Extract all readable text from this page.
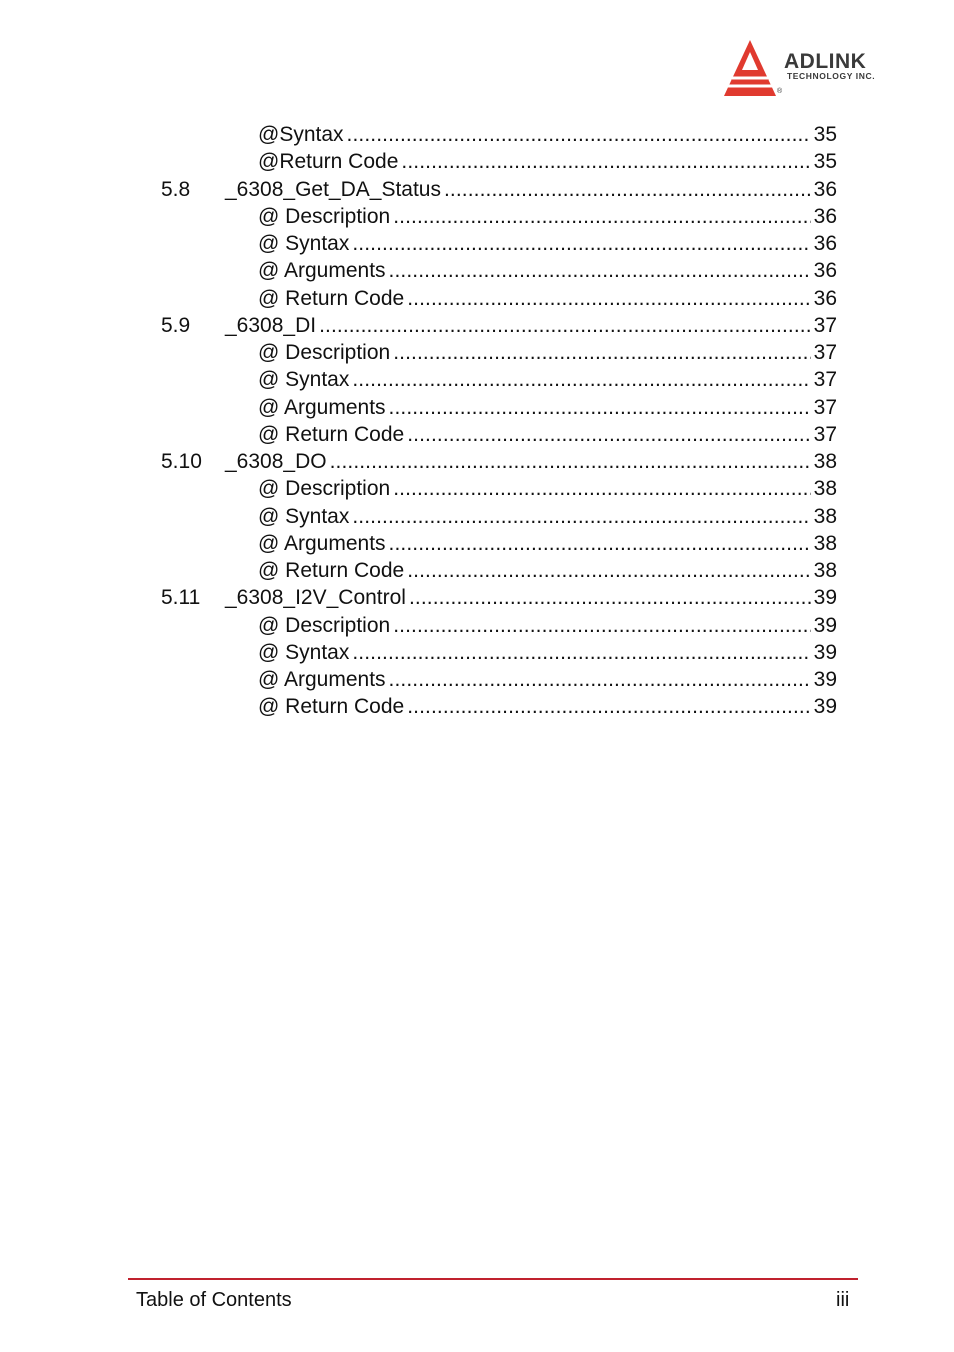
ADLINK
TECHNOLOGY INC.
®
@Syntax .....	35
@Return Code .....	35
5.8 _6308_Get_DA_Status .....	36
@ Description .....	36
@ Syntax .....	36
@ Arguments .....	36
@ Return Code .....	36
5.9 _6308_DI .....	37
@ Description .....	37
@ Syntax .....	37
@ Arguments .....	37
@ Return Code .....	37
5.10 _6308_DO .....	38
@ Description .....	38
@ Syntax .....	38
@ Arguments .....	38
@ Return Code .....	38
5.11 _6308_I2V_Control .....	39
@ Description .....	39
@ Syntax .....	39
@ Arguments .....	39
@ Return Code .....	39
Table of Contents	iii
